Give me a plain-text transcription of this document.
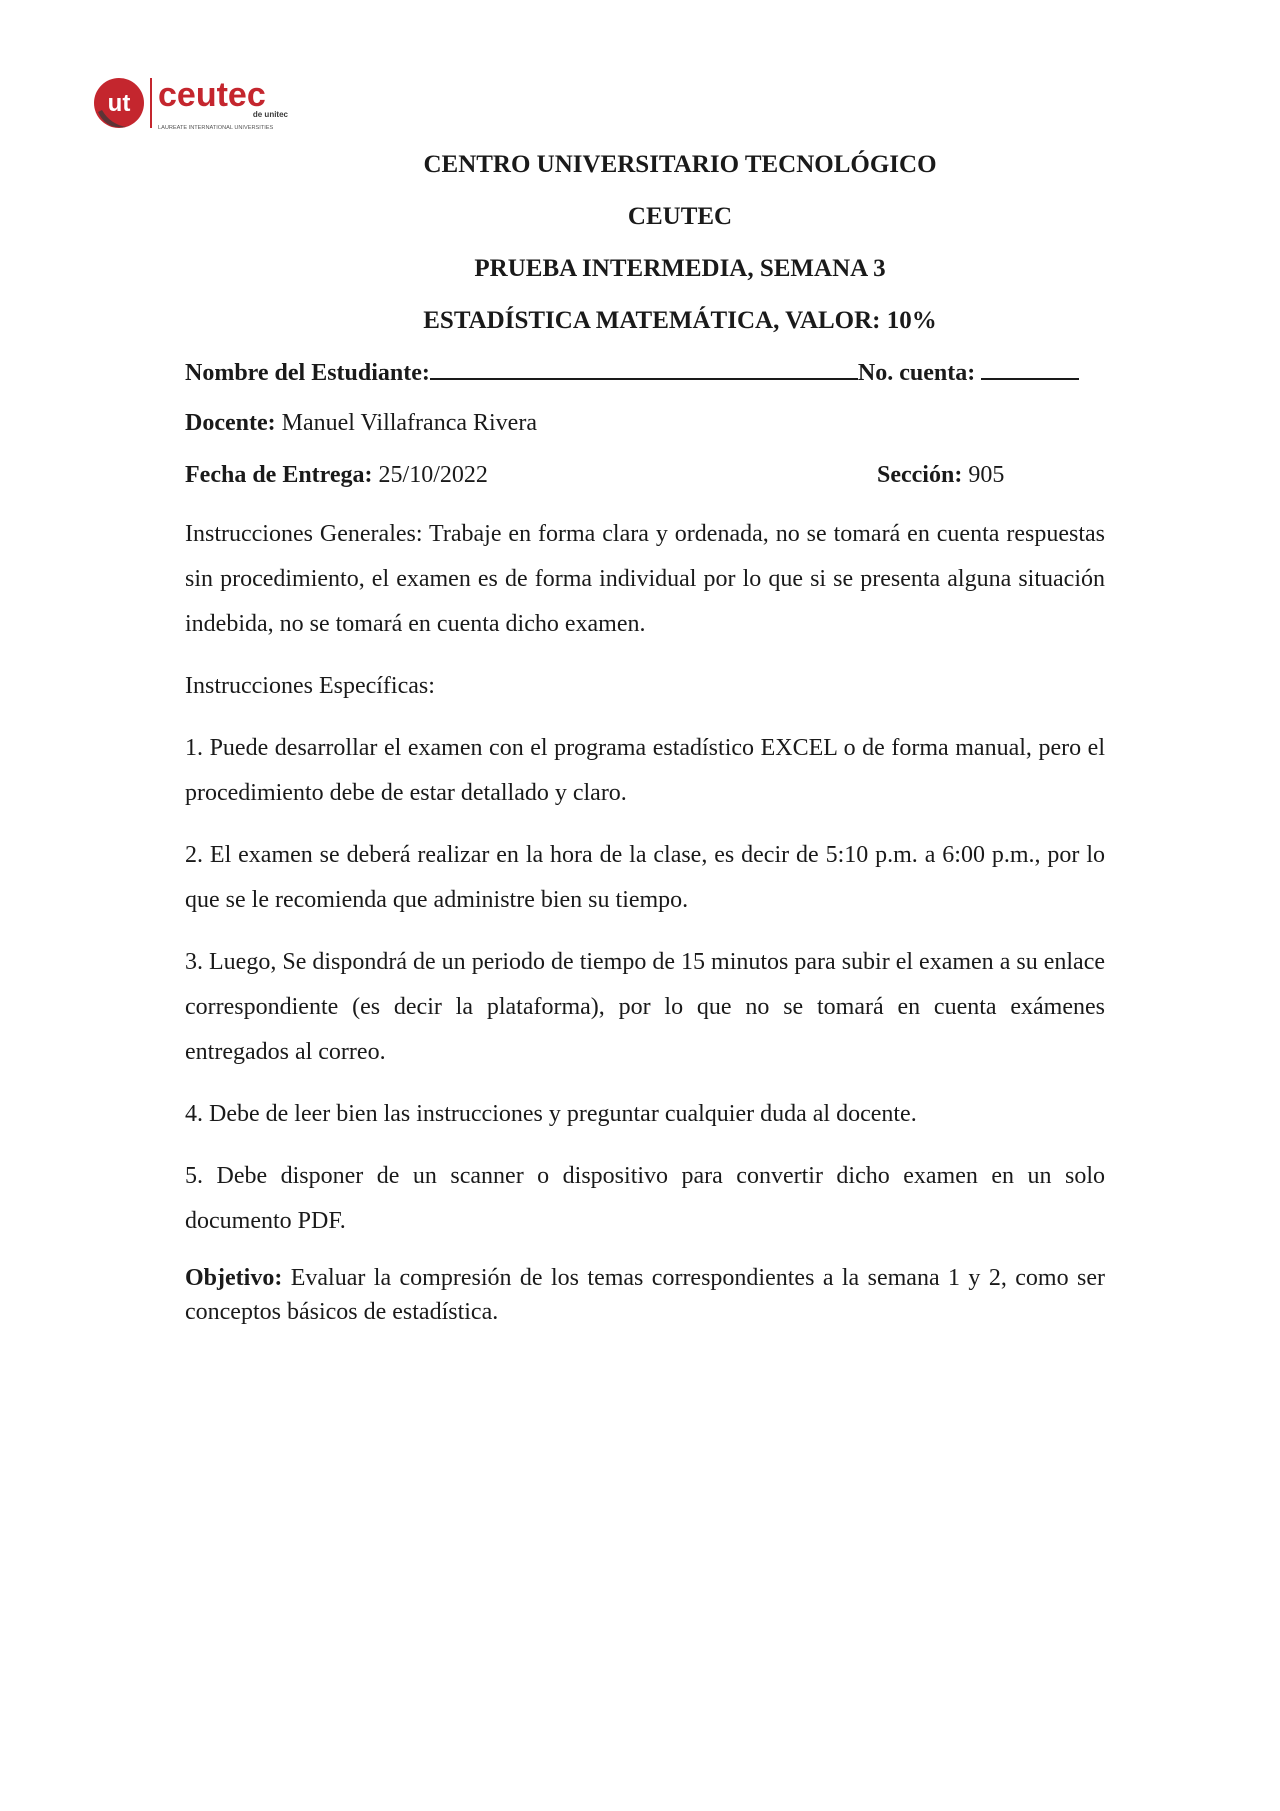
ut ceutec
de unitec
LAUREATE INTERNATIONAL UNIVERSITIES
CENTRO UNIVERSITARIO TECNOLÓGICO
CEUTEC
PRUEBA INTERMEDIA, SEMANA 3
ESTADÍSTICA MATEMÁTICA, VALOR: 10%
Nombre del Estudiante:	No. cuenta:
Docente: Manuel Villafranca Rivera
Fecha de Entrega: 25/10/2022	Sección: 905

Instrucciones Generales: Trabaje en forma clara y ordenada, no se tomará en cuenta respuestas sin procedimiento, el examen es de forma individual por lo que si se presenta alguna situación indebida, no se tomará en cuenta dicho examen.

Instrucciones Específicas:

1. Puede desarrollar el examen con el programa estadístico EXCEL o de forma manual, pero el procedimiento debe de estar detallado y claro.

2. El examen se deberá realizar en la hora de la clase, es decir de 5:10 p.m. a 6:00 p.m., por lo que se le recomienda que administre bien su tiempo.

3. Luego, Se dispondrá de un periodo de tiempo de 15 minutos para subir el examen a su enlace correspondiente (es decir la plataforma), por lo que no se tomará en cuenta exámenes entregados al correo.

4. Debe de leer bien las instrucciones y preguntar cualquier duda al docente.

5. Debe disponer de un scanner o dispositivo para convertir dicho examen en un solo documento PDF.

Objetivo: Evaluar la compresión de los temas correspondientes a la semana 1 y 2, como ser conceptos básicos de estadística.
